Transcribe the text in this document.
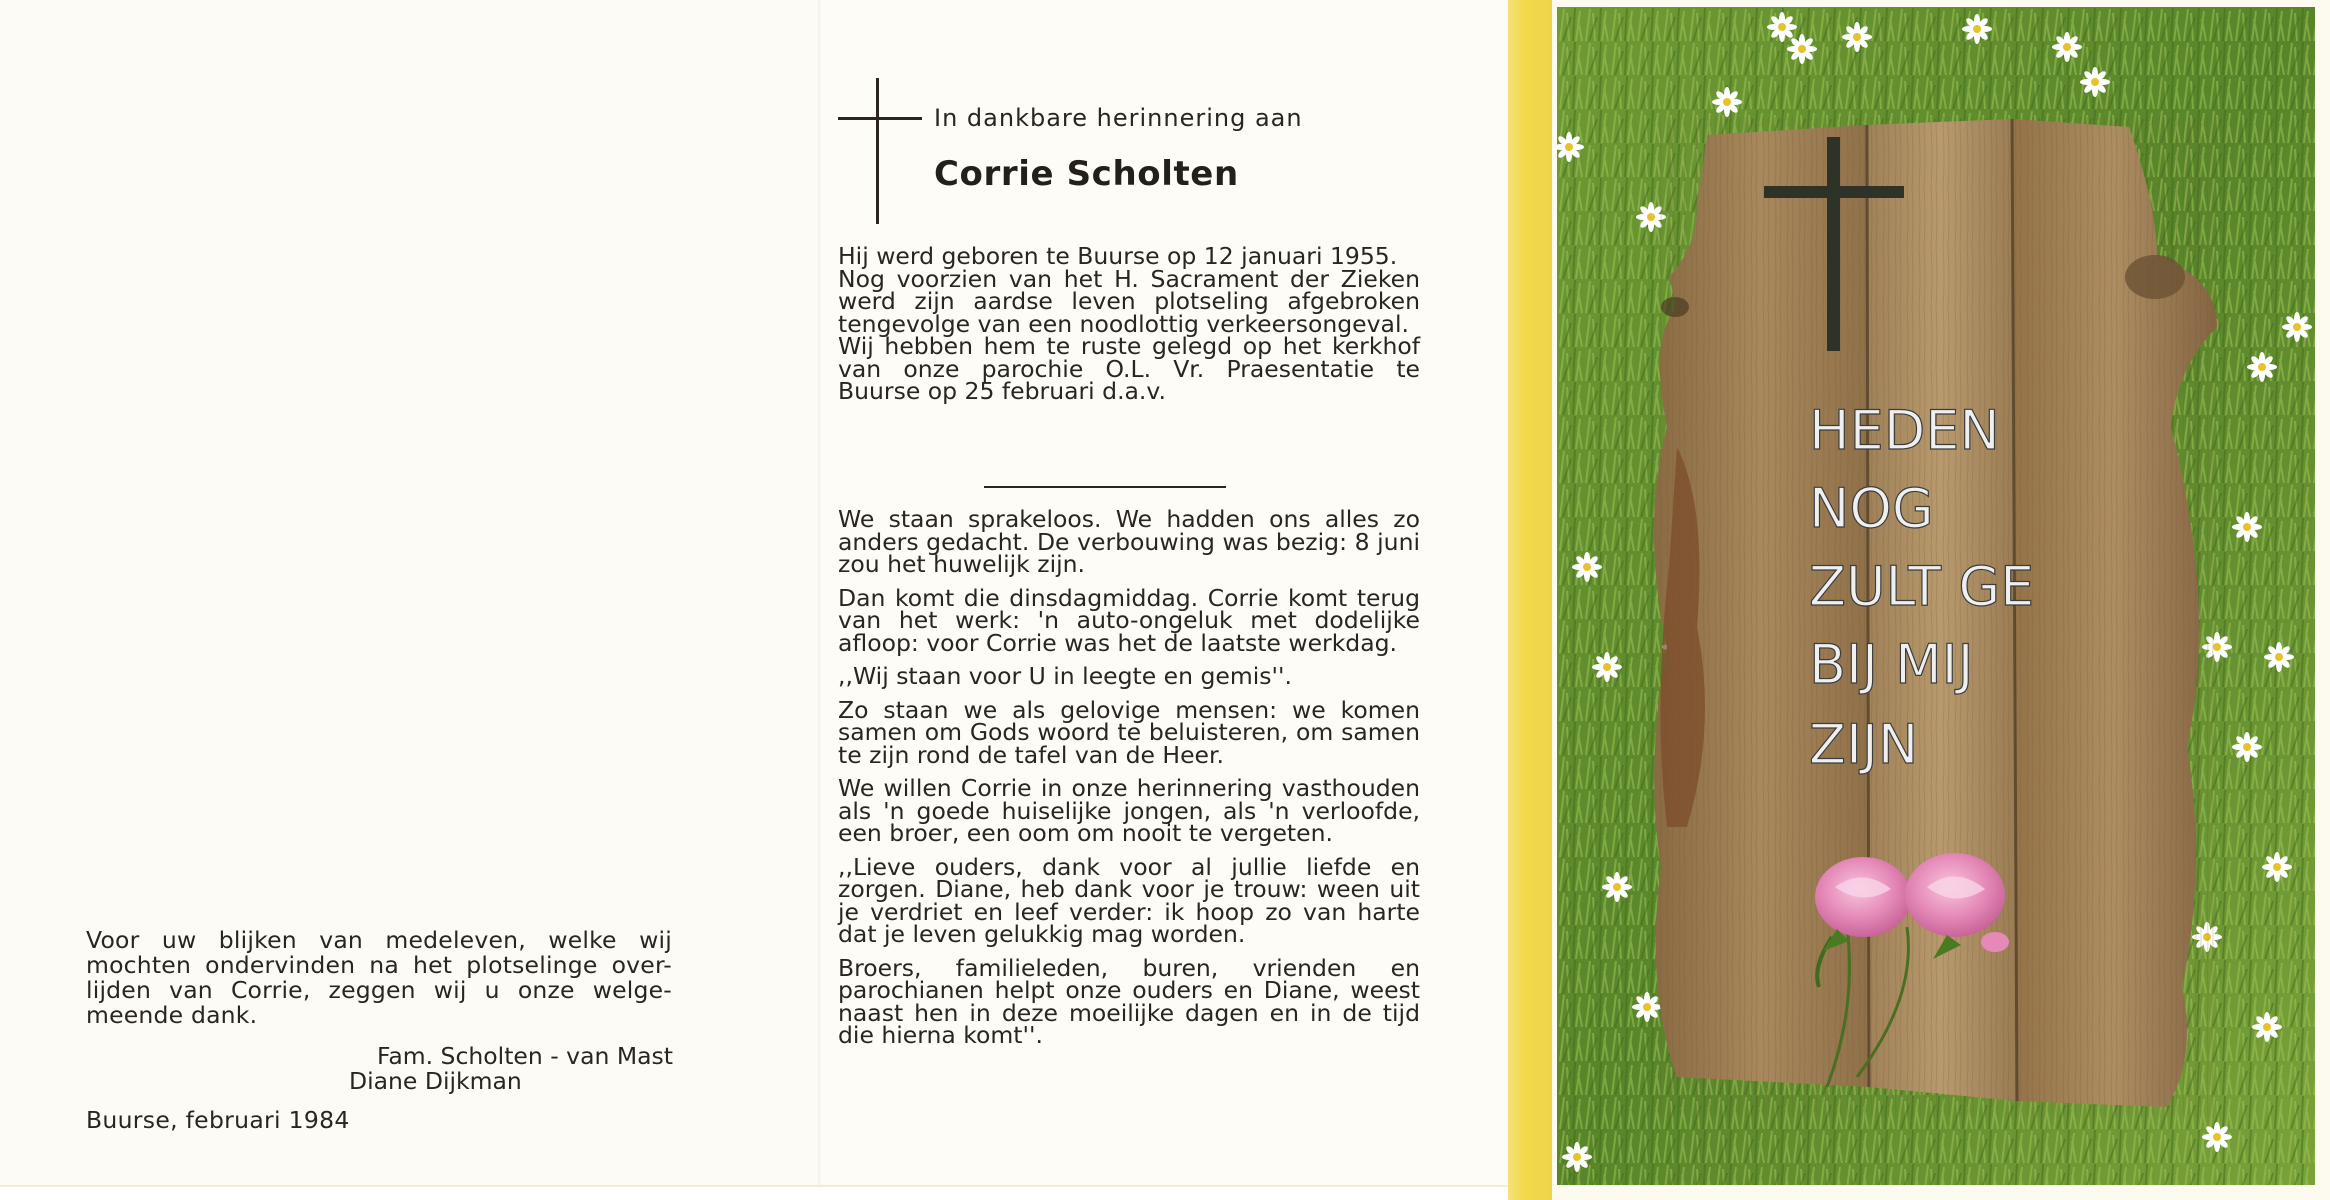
Voor uw blijken van medeleven, welke wij
mochten ondervinden na het plotselinge over-
lijden van Corrie, zeggen wij u onze welge-
meende dank.

Fam. Scholten - van Mast
Diane Dijkman
Buurse, februari 1984
In dankbare herinnering aan
Corrie Scholten

Hij werd geboren te Buurse op 12 januari 1955.

Nog voorzien van het H. Sacrament der Zieken werd zijn aardse leven plotseling afgebroken tengevolge van een noodlottig verkeersongeval.

Wij hebben hem te ruste gelegd op het kerkhof van onze parochie O.L. Vr. Praesentatie te Buurse op 25 februari d.a.v.

We staan sprakeloos. We hadden ons alles zo anders gedacht. De verbouwing was bezig: 8 juni zou het huwelijk zijn.

Dan komt die dinsdagmiddag. Corrie komt terug van het werk: 'n auto-ongeluk met dodelijke afloop: voor Corrie was het de laatste werkdag.

,,Wij staan voor U in leegte en gemis''.

Zo staan we als gelovige mensen: we komen samen om Gods woord te beluisteren, om samen te zijn rond de tafel van de Heer.

We willen Corrie in onze herinnering vasthouden als 'n goede huiselijke jongen, als 'n verloofde, een broer, een oom om nooit te vergeten.

,,Lieve ouders, dank voor al jullie liefde en zorgen. Diane, heb dank voor je trouw: ween uit je verdriet en leef verder: ik hoop zo van harte dat je leven gelukkig mag worden.

Broers, familieleden, buren, vrienden en parochianen helpt onze ouders en Diane, weest naast hen in deze moeilijke dagen en in de tijd die hierna komt''.

HEDEN
NOG
ZULT GE
BIJ MIJ
ZIJN
